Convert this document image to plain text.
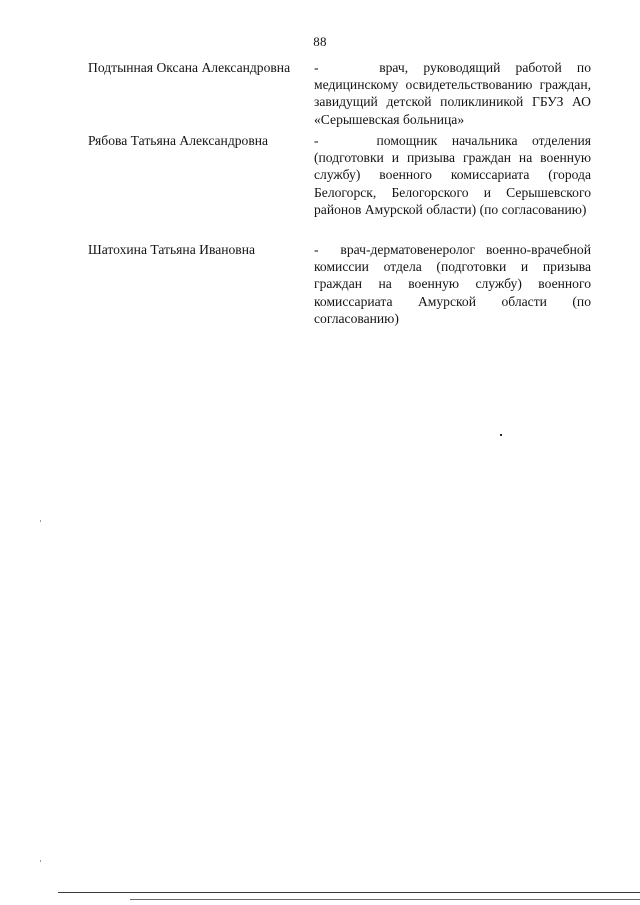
88
Подтынная Оксана Александровна	-    врач, руководящий работой по медицинскому освидетельствованию граждан, завидущий детской поликлиникой ГБУЗ АО «Серышевская больница»
Рябова Татьяна Александровна	-    помощник начальника отделения (подготовки и призыва граждан на военную службу) военного комиссариата (города Белогорск, Белогорского и Серышевского районов Амурской области) (по согласованию)
Шатохина Татьяна Ивановна	-  врач-дерматовенеролог военно-врачебной комиссии отдела (подготовки и призыва граждан на военную службу) военного комиссариата Амурской области (по согласованию)
